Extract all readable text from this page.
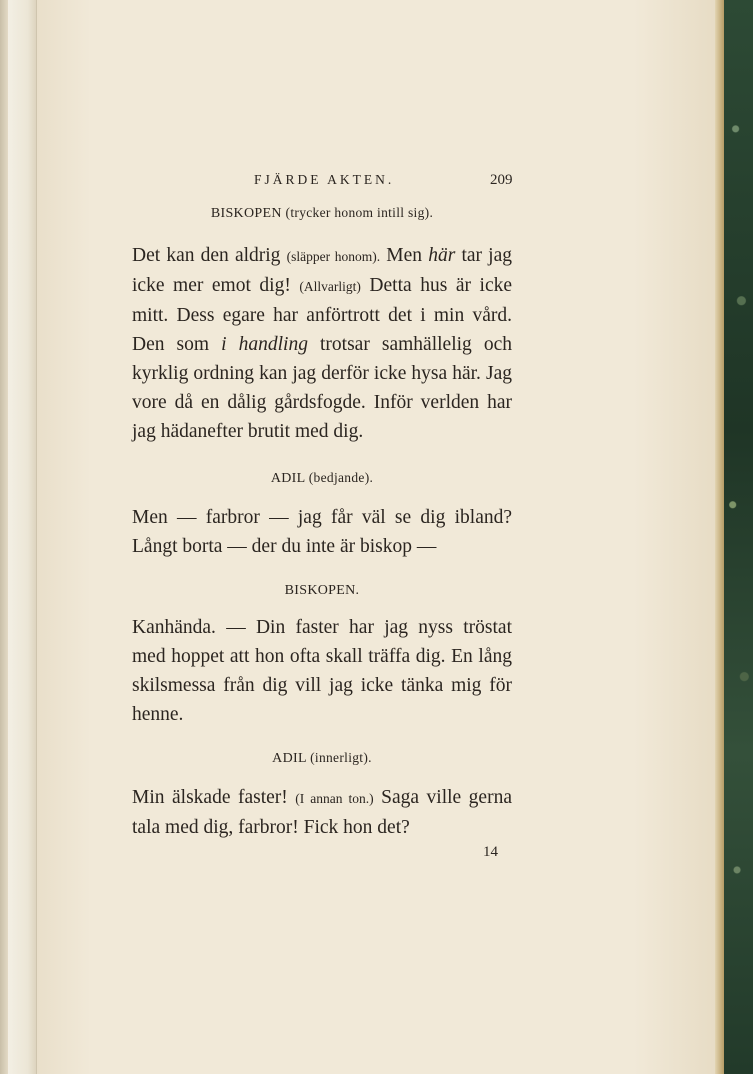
FJÄRDE AKTEN.	209
BISKOPEN (trycker honom intill sig).
Det kan den aldrig (släpper honom). Men här tar jag icke mer emot dig! (Allvarligt) Detta hus är icke mitt. Dess egare har anförtrott det i min vård. Den som i handling trotsar samhällelig och kyrklig ordning kan jag derför icke hysa här. Jag vore då en dålig gårdsfogde. Inför verlden har jag hädanefter brutit med dig.
ADIL (bedjande).
Men — farbror — jag får väl se dig ibland? Långt borta — der du inte är biskop —
BISKOPEN.
Kanhända. — Din faster har jag nyss tröstat med hoppet att hon ofta skall träffa dig. En lång skilsmessa från dig vill jag icke tänka mig för henne.
ADIL (innerligt).
Min älskade faster! (I annan ton.) Saga ville gerna tala med dig, farbror! Fick hon det?
14
